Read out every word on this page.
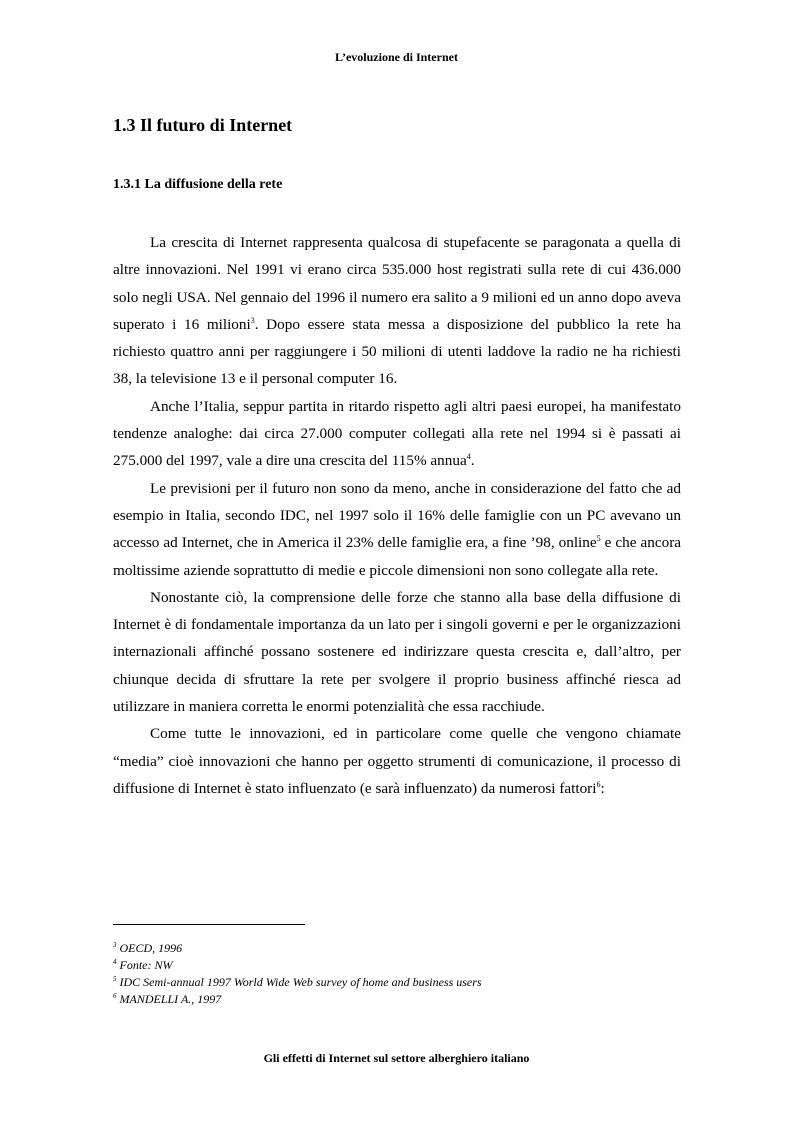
L’evoluzione di Internet
1.3 Il futuro di Internet
1.3.1 La diffusione della rete

La crescita di Internet rappresenta qualcosa di stupefacente se paragonata a quella di altre innovazioni. Nel 1991 vi erano circa 535.000 host registrati sulla rete di cui 436.000 solo negli USA. Nel gennaio del 1996 il numero era salito a 9 milioni ed un anno dopo aveva superato i 16 milioni$^3$. Dopo essere stata messa a disposizione del pubblico la rete ha richiesto quattro anni per raggiungere i 50 milioni di utenti laddove la radio ne ha richiesti 38, la televisione 13 e il personal computer 16.

Anche l’Italia, seppur partita in ritardo rispetto agli altri paesi europei, ha manifestato tendenze analoghe: dai circa 27.000 computer collegati alla rete nel 1994 si è passati ai 275.000 del 1997, vale a dire una crescita del 115% annua$^4$.

Le previsioni per il futuro non sono da meno, anche in considerazione del fatto che ad esempio in Italia, secondo IDC, nel 1997 solo il 16% delle famiglie con un PC avevano un accesso ad Internet, che in America il 23% delle famiglie era, a fine ’98, online$^5$ e che ancora moltissime aziende soprattutto di medie e piccole dimensioni non sono collegate alla rete.

Nonostante ciò, la comprensione delle forze che stanno alla base della diffusione di Internet è di fondamentale importanza da un lato per i singoli governi e per le organizzazioni internazionali affinché possano sostenere ed indirizzare questa crescita e, dall’altro, per chiunque decida di sfruttare la rete per svolgere il proprio business affinché riesca ad utilizzare in maniera corretta le enormi potenzialità che essa racchiude.

Come tutte le innovazioni, ed in particolare come quelle che vengono chiamate “media” cioè innovazioni che hanno per oggetto strumenti di comunicazione, il processo di diffusione di Internet è stato influenzato (e sarà influenzato) da numerosi fattori$^6$:

$^3$ OECD, 1996
$^4$ Fonte: NW
$^5$ IDC Semi-annual 1997 World Wide Web survey of home and business users
$^6$ MANDELLI A., 1997
Gli effetti di Internet sul settore alberghiero italiano
